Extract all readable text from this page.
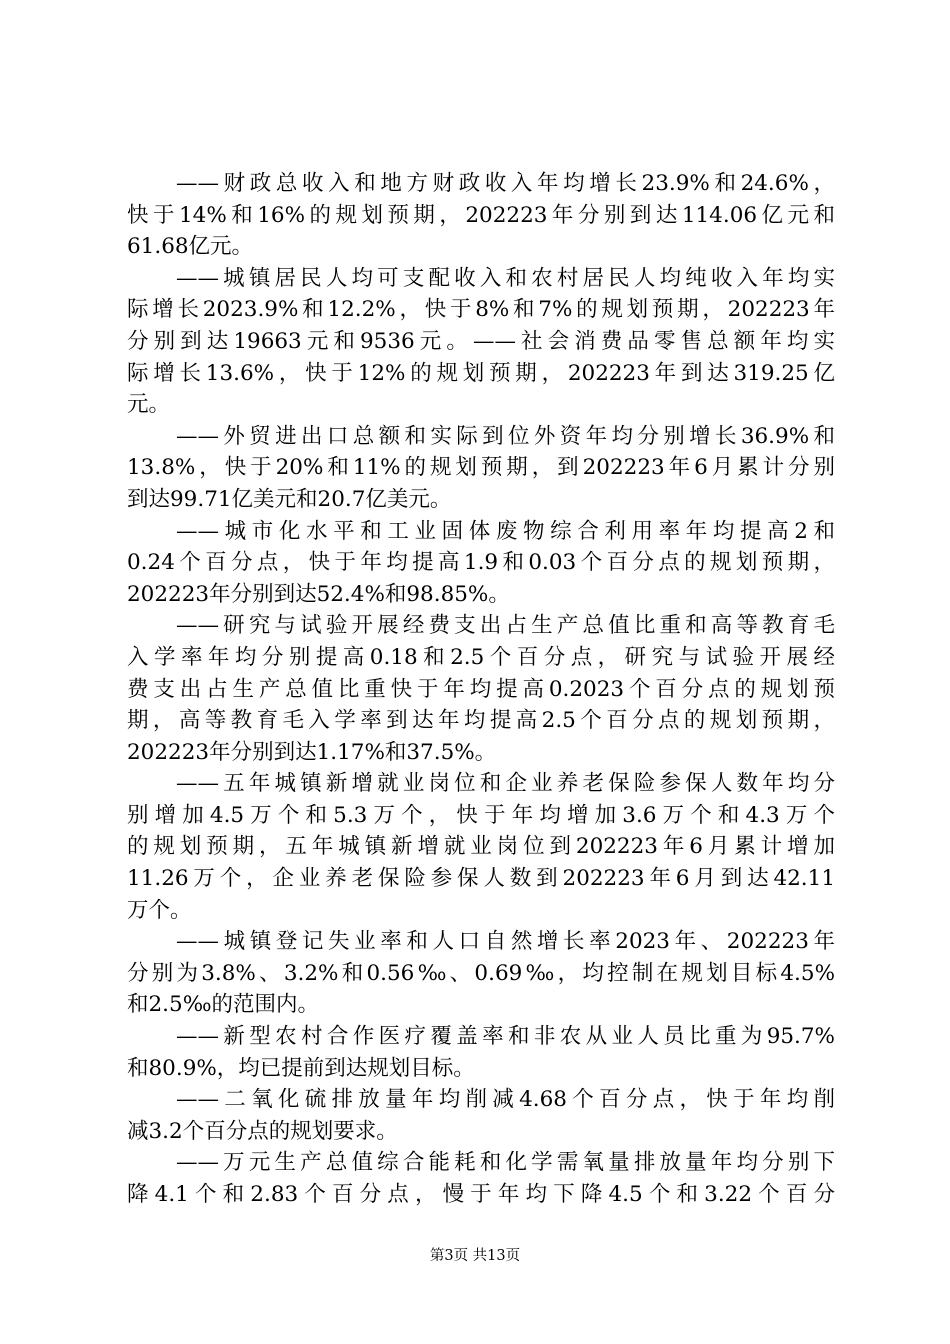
——财政总收入和地方财政收入年均增长23.9%和24.6%，
快于14%和16%的规划预期，202223年分别到达114.06亿元和
61.68亿元。
——城镇居民人均可支配收入和农村居民人均纯收入年均实
际增长2023.9%和12.2%，快于8%和7%的规划预期，202223年
分别到达19663元和9536元。——社会消费品零售总额年均实
际增长13.6%，快于12%的规划预期，202223年到达319.25亿
元。
——外贸进出口总额和实际到位外资年均分别增长36.9%和
13.8%，快于20%和11%的规划预期，到202223年6月累计分别
到达99.71亿美元和20.7亿美元。
——城市化水平和工业固体废物综合利用率年均提高2和
0.24个百分点，快于年均提高1.9和0.03个百分点的规划预期，
202223年分别到达52.4%和98.85%。
——研究与试验开展经费支出占生产总值比重和高等教育毛
入学率年均分别提高0.18和2.5个百分点，研究与试验开展经
费支出占生产总值比重快于年均提高0.2023个百分点的规划预
期，高等教育毛入学率到达年均提高2.5个百分点的规划预期，
202223年分别到达1.17%和37.5%。
——五年城镇新增就业岗位和企业养老保险参保人数年均分
别增加4.5万个和5.3万个，快于年均增加3.6万个和4.3万个
的规划预期，五年城镇新增就业岗位到202223年6月累计增加
11.26万个，企业养老保险参保人数到202223年6月到达42.11
万个。
——城镇登记失业率和人口自然增长率2023年、202223年
分别为3.8%、3.2%和0.56‰、0.69‰，均控制在规划目标4.5%
和2.5‰的范围内。
——新型农村合作医疗覆盖率和非农从业人员比重为95.7%
和80.9%，均已提前到达规划目标。
——二氧化硫排放量年均削减4.68个百分点，快于年均削
减3.2个百分点的规划要求。
——万元生产总值综合能耗和化学需氧量排放量年均分别下
降4.1个和2.83个百分点，慢于年均下降4.5个和3.22个百分
第3页 共13页
